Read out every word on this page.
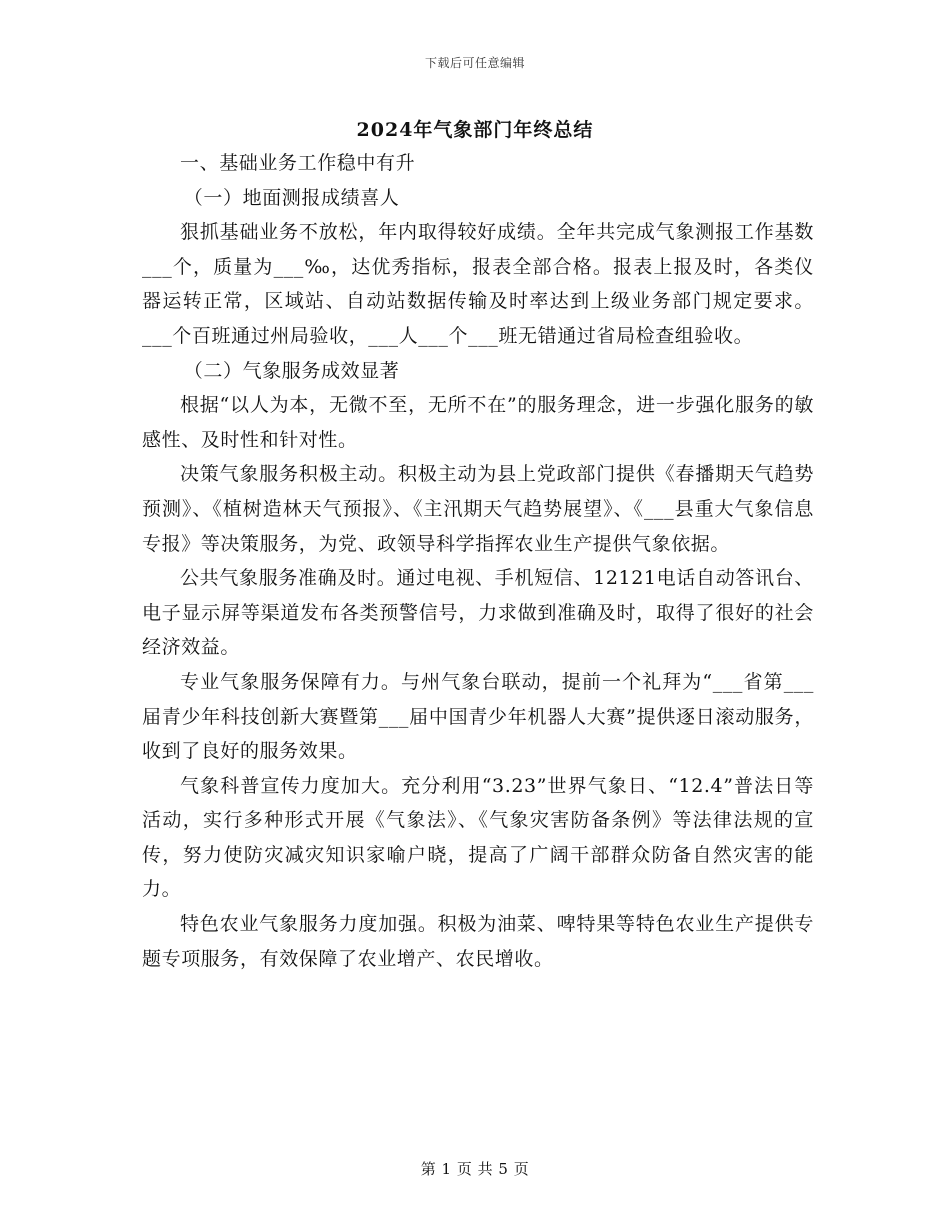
下载后可任意编辑
2024年气象部门年终总结

一、基础业务工作稳中有升

（一）地面测报成绩喜人

狠抓基础业务不放松，年内取得较好成绩。全年共完成气象测报工作基数___个，质量为___‰，达优秀指标，报表全部合格。报表上报及时，各类仪器运转正常，区域站、自动站数据传输及时率达到上级业务部门规定要求。___个百班通过州局验收，___人___个___班无错通过省局检查组验收。

（二）气象服务成效显著

根据“以人为本，无微不至，无所不在”的服务理念，进一步强化服务的敏感性、及时性和针对性。

决策气象服务积极主动。积极主动为县上党政部门提供《春播期天气趋势预测》、《植树造林天气预报》、《主汛期天气趋势展望》、《___县重大气象信息专报》等决策服务，为党、政领导科学指挥农业生产提供气象依据。

公共气象服务准确及时。通过电视、手机短信、12121电话自动答讯台、电子显示屏等渠道发布各类预警信号，力求做到准确及时，取得了很好的社会经济效益。

专业气象服务保障有力。与州气象台联动，提前一个礼拜为“___省第___届青少年科技创新大赛暨第___届中国青少年机器人大赛”提供逐日滚动服务，收到了良好的服务效果。

气象科普宣传力度加大。充分利用“3.23”世界气象日、“12.4”普法日等活动，实行多种形式开展《气象法》、《气象灾害防备条例》等法律法规的宣传，努力使防灾减灾知识家喻户晓，提高了广阔干部群众防备自然灾害的能力。

特色农业气象服务力度加强。积极为油菜、啤特果等特色农业生产提供专题专项服务，有效保障了农业增产、农民增收。

第 1 页 共 5 页
